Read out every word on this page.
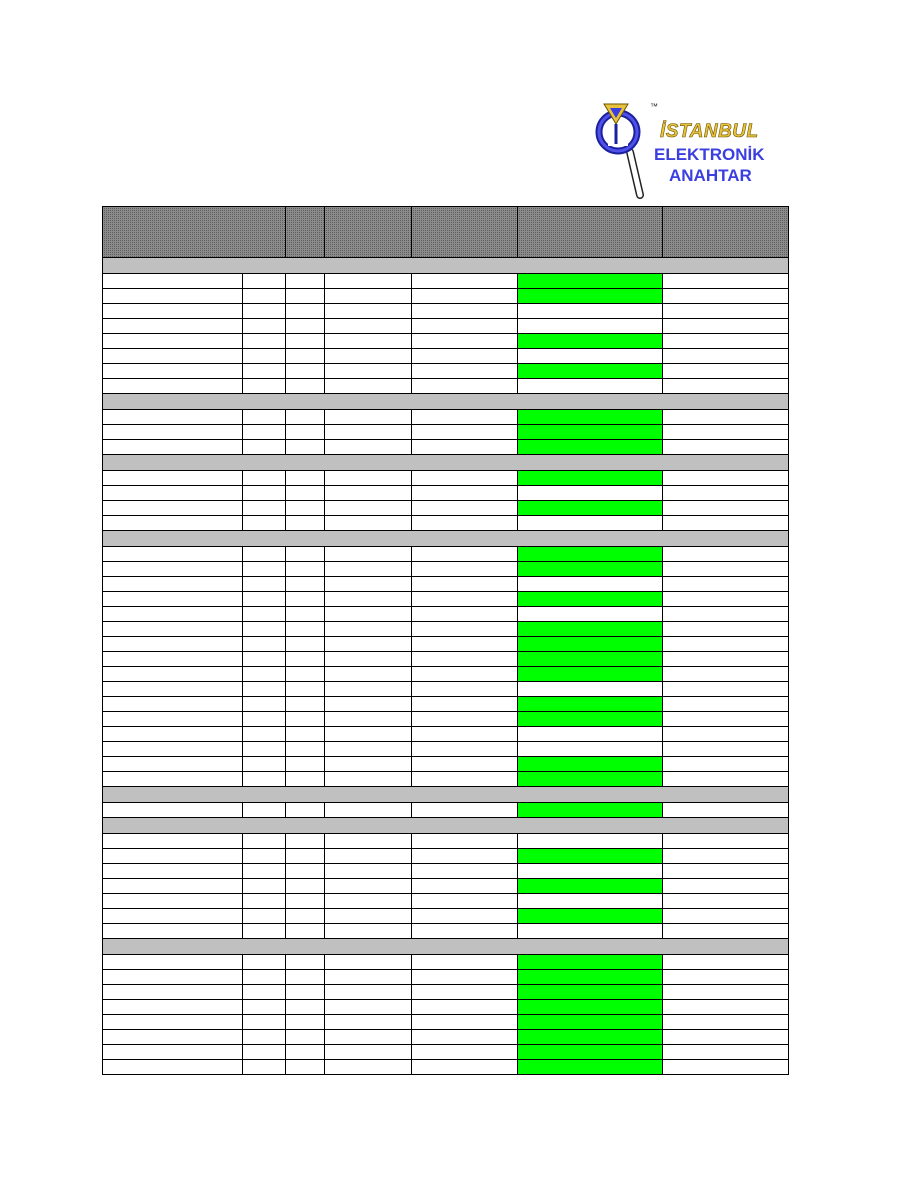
™
İSTANBUL
ELEKTRONİK
ANAHTAR
